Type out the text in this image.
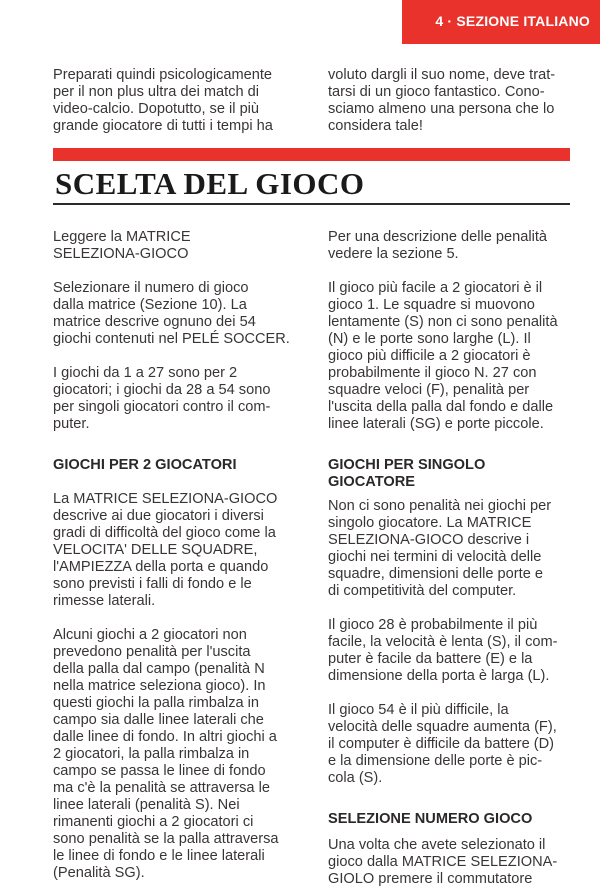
4 · SEZIONE ITALIANO
Preparati quindi psicologicamente
per il non plus ultra dei match di
video-calcio. Dopotutto, se il più
grande giocatore di tutti i tempi ha
voluto dargli il suo nome, deve trat-
tarsi di un gioco fantastico. Cono-
sciamo almeno una persona che lo
considera tale!
SCELTA DEL GIOCO
Leggere la MATRICE
SELEZIONA-GIOCO
Selezionare il numero di gioco
dalla matrice (Sezione 10). La
matrice descrive ognuno dei 54
giochi contenuti nel PELÉ SOCCER.
I giochi da 1 a 27 sono per 2
giocatori; i giochi da 28 a 54 sono
per singoli giocatori contro il com-
puter.
GIOCHI PER 2 GIOCATORI
La MATRICE SELEZIONA-GIOCO
descrive ai due giocatori i diversi
gradi di difficoltà del gioco come la
VELOCITA' DELLE SQUADRE,
l'AMPIEZZA della porta e quando
sono previsti i falli di fondo e le
rimesse laterali.
Alcuni giochi a 2 giocatori non
prevedono penalità per l'uscita
della palla dal campo (penalità N
nella matrice seleziona gioco). In
questi giochi la palla rimbalza in
campo sia dalle linee laterali che
dalle linee di fondo. In altri giochi a
2 giocatori, la palla rimbalza in
campo se passa le linee di fondo
ma c'è la penalità se attraversa le
linee laterali (penalità S). Nei
rimanenti giochi a 2 giocatori ci
sono penalità se la palla attraversa
le linee di fondo e le linee laterali
(Penalità SG).
Per una descrizione delle penalità
vedere la sezione 5.
Il gioco più facile a 2 giocatori è il
gioco 1. Le squadre si muovono
lentamente (S) non ci sono penalità
(N) e le porte sono larghe (L). Il
gioco più difficile a 2 giocatori è
probabilmente il gioco N. 27 con
squadre veloci (F), penalità per
l'uscita della palla dal fondo e dalle
linee laterali (SG) e porte piccole.
GIOCHI PER SINGOLO
GIOCATORE
Non ci sono penalità nei giochi per
singolo giocatore. La MATRICE
SELEZIONA-GIOCO descrive i
giochi nei termini di velocità delle
squadre, dimensioni delle porte e
di competitività del computer.
Il gioco 28 è probabilmente il più
facile, la velocità è lenta (S), il com-
puter è facile da battere (E) e la
dimensione della porta è larga (L).
Il gioco 54 è il più difficile, la
velocità delle squadre aumenta (F),
il computer è difficile da battere (D)
e la dimensione delle porte è pic-
cola (S).
SELEZIONE NUMERO GIOCO
Una volta che avete selezionato il
gioco dalla MATRICE SELEZIONA-
GIOLO premere il commutatore
